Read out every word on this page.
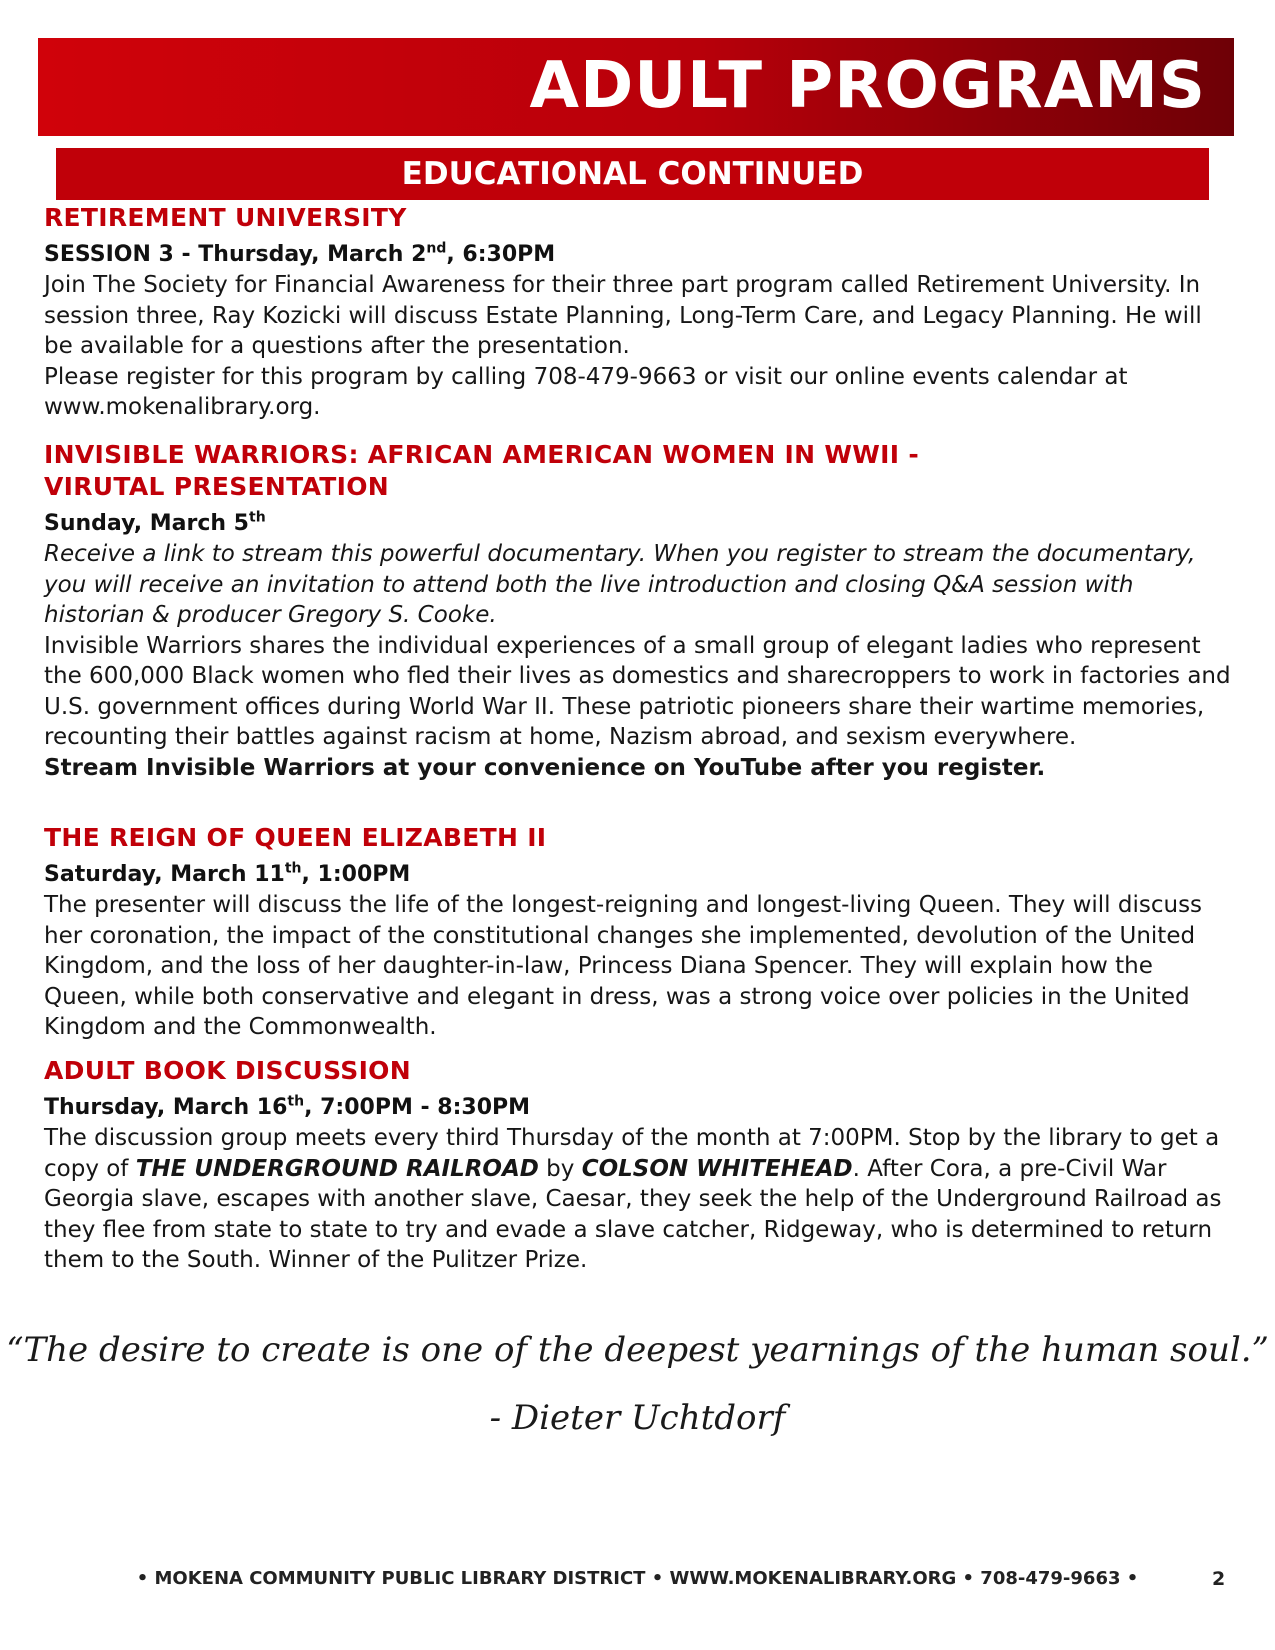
ADULT PROGRAMS
EDUCATIONAL CONTINUED
RETIREMENT UNIVERSITY

SESSION 3 - Thursday, March 2nd, 6:30PM

Join The Society for Financial Awareness for their three part program called Retirement University. In session three, Ray Kozicki will discuss Estate Planning, Long-Term Care, and Legacy Planning. He will be available for a questions after the presentation.

Please register for this program by calling 708-479-9663 or visit our online events calendar at www.mokenalibrary.org.

INVISIBLE WARRIORS: AFRICAN AMERICAN WOMEN IN WWII -
VIRUTAL PRESENTATION

Sunday, March 5th

Receive a link to stream this powerful documentary. When you register to stream the documentary, you will receive an invitation to attend both the live introduction and closing Q&A session with historian & producer Gregory S. Cooke.

Invisible Warriors shares the individual experiences of a small group of elegant ladies who represent the 600,000 Black women who fled their lives as domestics and sharecroppers to work in factories and U.S. government offices during World War II. These patriotic pioneers share their wartime memories, recounting their battles against racism at home, Nazism abroad, and sexism everywhere.

Stream Invisible Warriors at your convenience on YouTube after you register.

THE REIGN OF QUEEN ELIZABETH II

Saturday, March 11th, 1:00PM

The presenter will discuss the life of the longest-reigning and longest-living Queen. They will discuss her coronation, the impact of the constitutional changes she implemented, devolution of the United Kingdom, and the loss of her daughter-in-law, Princess Diana Spencer. They will explain how the Queen, while both conservative and elegant in dress, was a strong voice over policies in the United Kingdom and the Commonwealth.

ADULT BOOK DISCUSSION

Thursday, March 16th, 7:00PM - 8:30PM

The discussion group meets every third Thursday of the month at 7:00PM. Stop by the library to get a copy of THE UNDERGROUND RAILROAD by COLSON WHITEHEAD. After Cora, a pre-Civil War Georgia slave, escapes with another slave, Caesar, they seek the help of the Underground Railroad as they flee from state to state to try and evade a slave catcher, Ridgeway, who is determined to return them to the South. Winner of the Pulitzer Prize.

“The desire to create is one of the deepest yearnings of the human soul.”
- Dieter Uchtdorf
• MOKENA COMMUNITY PUBLIC LIBRARY DISTRICT • WWW.MOKENALIBRARY.ORG • 708-479-9663 •	2
